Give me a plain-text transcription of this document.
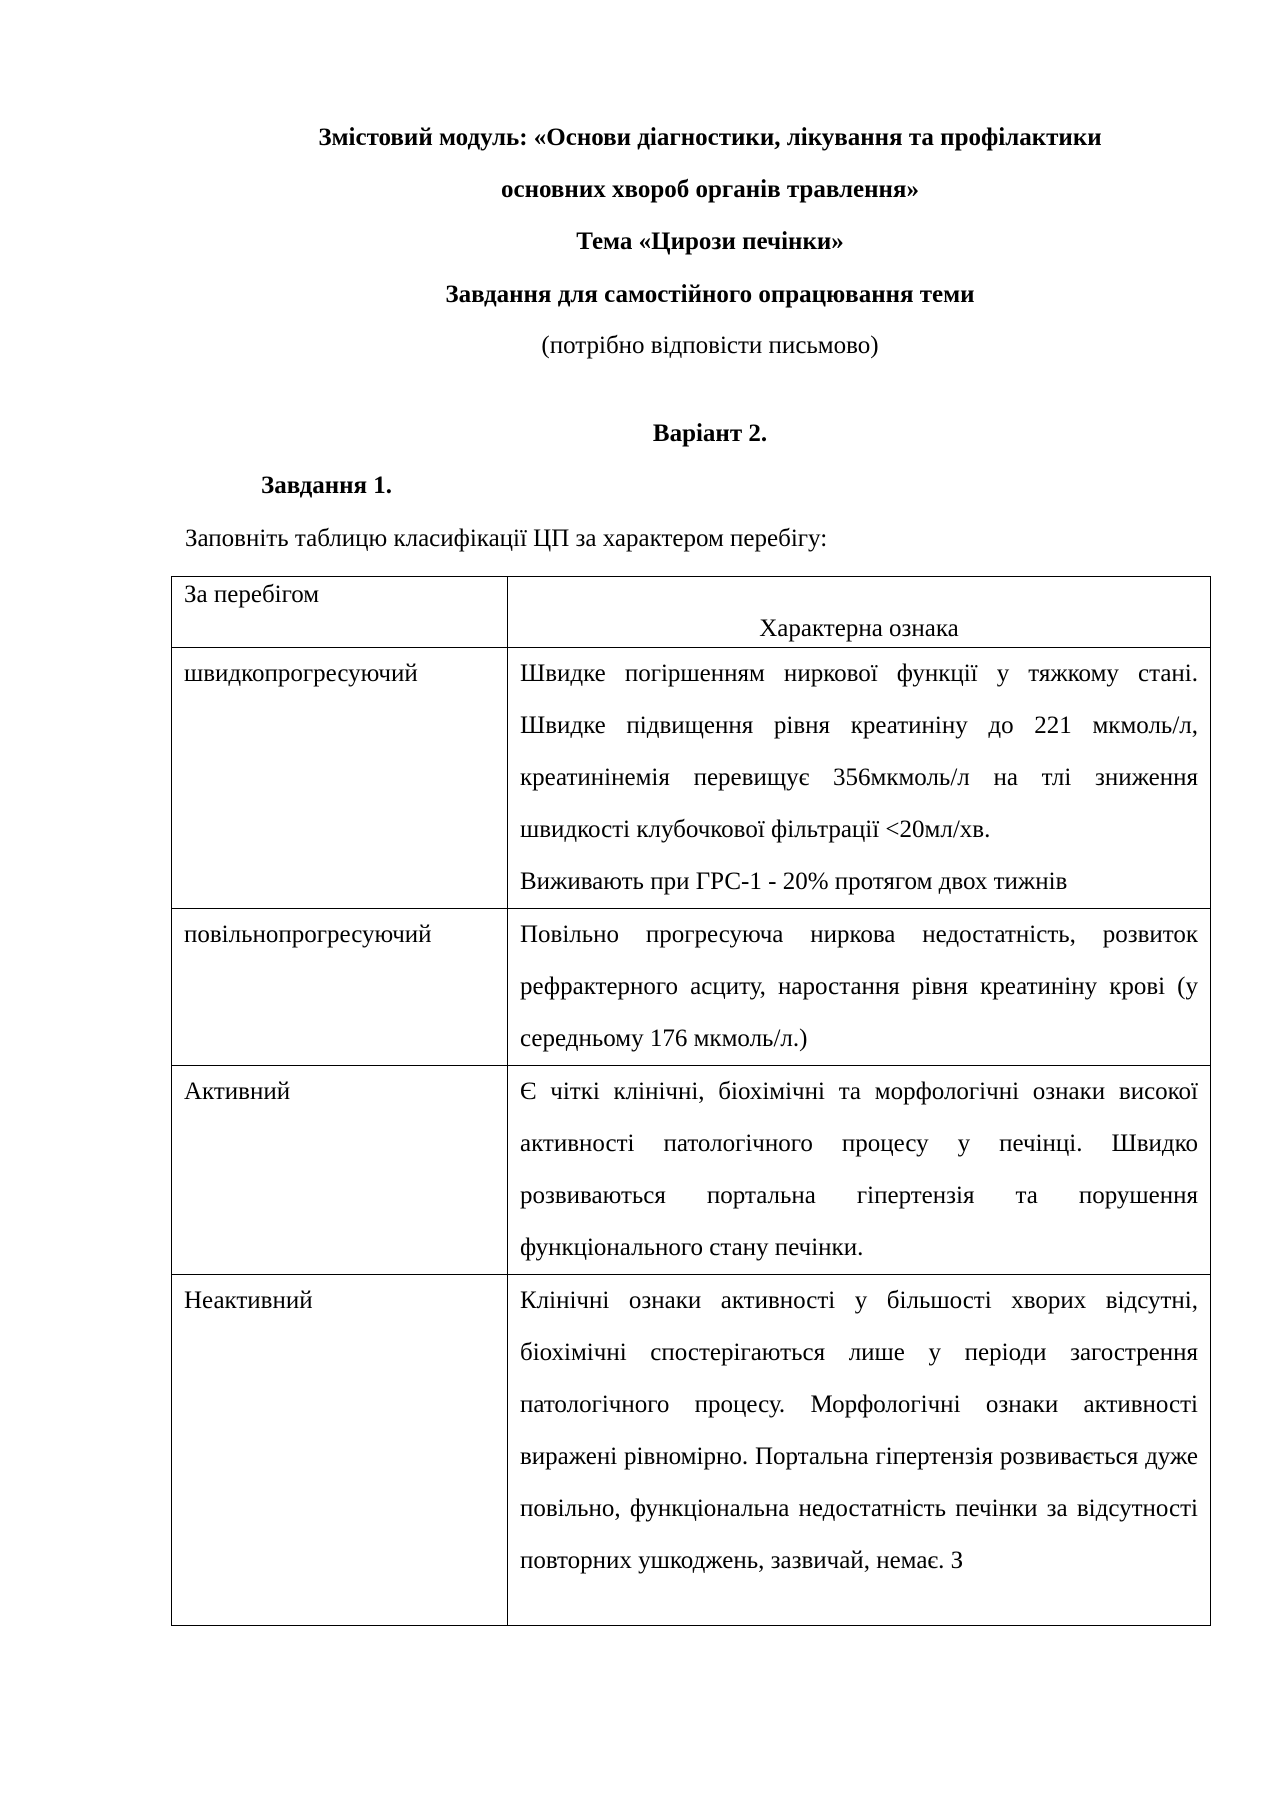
Змістовий модуль: «Основи діагностики, лікування та профілактики
основних хвороб органів травлення»
Тема «Цирози печінки»
Завдання для самостійного опрацювання теми
(потрібно відповісти письмово)
Варіант 2.
Завдання 1.
Заповніть таблицю класифікації ЦП за характером перебігу:
За перебігом	Характерна ознака
швидкопрогресуючий	Швидке погіршенням ниркової функції у тяжкому стані. Швидке підвищення рівня креатиніну до 221 мкмоль/л, креатинінемія перевищує 356мкмоль/л на тлі зниження швидкості клубочкової фільтрації <20мл/хв.
Виживають при ГРС-1 - 20% протягом двох тижнів

повільнопрогресуючий	Повільно прогресуюча ниркова недостатність, розвиток рефрактерного асциту, наростання рівня креатиніну крові (у середньому 176 мкмоль/л.)
Активний	Є чіткі клінічні, біохімічні та морфологічні ознаки високої активності патологічного процесу у печінці. Швидко розвиваються портальна гіпертензія та порушення функціонального стану печінки.
Неактивний	Клінічні ознаки активності у більшості хворих відсутні, біохімічні спостерігаються лише у періоди загострення патологічного процесу. Морфологічні ознаки активності виражені рівномірно. Портальна гіпертензія розвивається дуже повільно, функціональна недостатність печінки за відсутності повторних ушкоджень, зазвичай, немає. З
